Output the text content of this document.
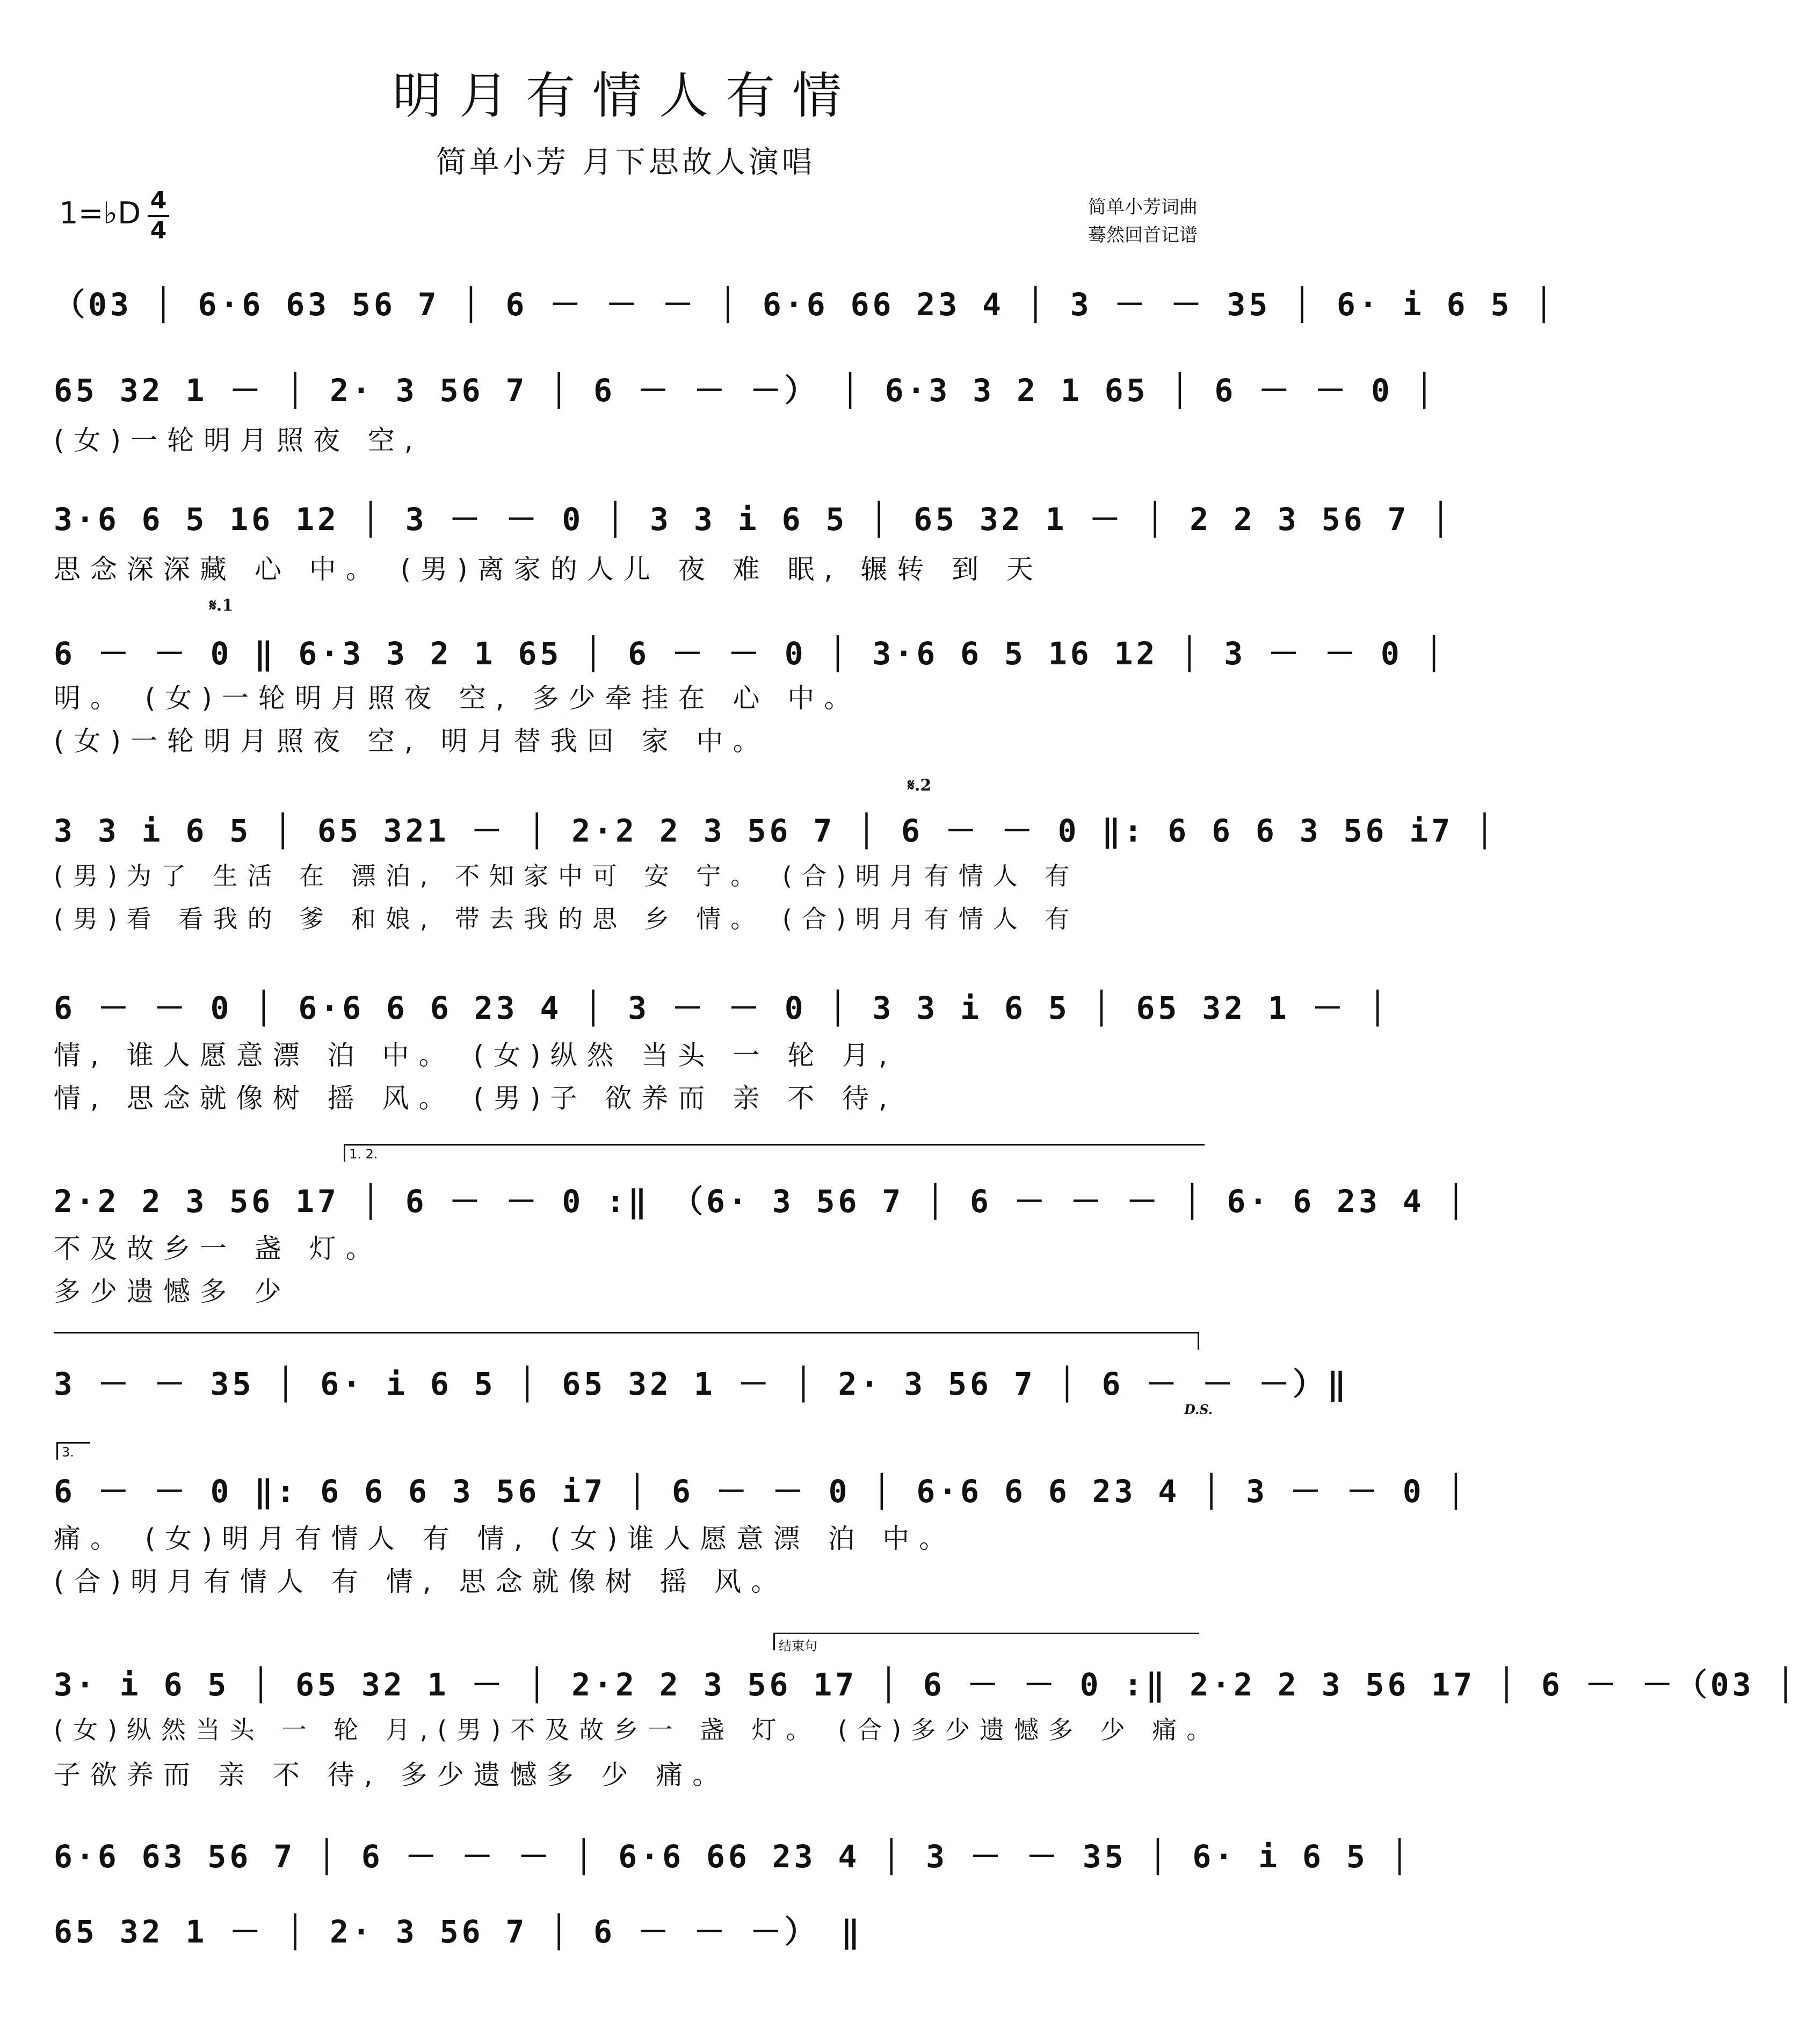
明月有情人有情
简单小芳 月下思故人演唱
1=♭D 4
4
简单小芳词曲
蓦然回首记谱
（03 │ 6·6 63 56 7 │ 6 － － － │ 6·6 66 23 4 │ 3 － － 35 │ 6· i 6 5 │
65 32 1 － │ 2· 3 56 7 │ 6 － － －） │ 6·3 3 2 1 65 │ 6 － － 0 │
(女)一轮明月照夜 空,
3·6 6 5 16 12 │ 3 － － 0 │ 3 3 i 6 5 │ 65 32 1 － │ 2 2 3 56 7 │
思念深深藏 心 中。 (男)离家的人儿 夜 难 眠, 辗转 到 天
𝄋.1
6 － － 0 ‖ 6·3 3 2 1 65 │ 6 － － 0 │ 3·6 6 5 16 12 │ 3 － － 0 │
明。 (女)一轮明月照夜 空, 多少牵挂在 心 中。
(女)一轮明月照夜 空, 明月替我回 家 中。
𝄋.2
3 3 i 6 5 │ 65 321 － │ 2·2 2 3 56 7 │ 6 － － 0 ‖: 6 6 6 3 56 i7 │
(男)为了 生活 在 漂泊, 不知家中可 安 宁。 (合)明月有情人 有
(男)看 看我的 爹 和娘, 带去我的思 乡 情。 (合)明月有情人 有
6 － － 0 │ 6·6 6 6 23 4 │ 3 － － 0 │ 3 3 i 6 5 │ 65 32 1 － │
情, 谁人愿意漂 泊 中。 (女)纵然 当头 一 轮 月,
情, 思念就像树 摇 风。 (男)子 欲养而 亲 不 待,
1. 2.
2·2 2 3 56 17 │ 6 － － 0 :‖ （6· 3 56 7 │ 6 － － － │ 6· 6 23 4 │
不及故乡一 盏 灯。
多少遗憾多 少
3 － － 35 │ 6· i 6 5 │ 65 32 1 － │ 2· 3 56 7 │ 6 － － －）‖
D.S.
3.
6 － － 0 ‖: 6 6 6 3 56 i7 │ 6 － － 0 │ 6·6 6 6 23 4 │ 3 － － 0 │
痛。 (女)明月有情人 有 情, (女)谁人愿意漂 泊 中。
(合)明月有情人 有 情, 思念就像树 摇 风。
结束句
3· i 6 5 │ 65 32 1 － │ 2·2 2 3 56 17 │ 6 － － 0 :‖ 2·2 2 3 56 17 │ 6 － －（03 │
(女)纵然当头 一 轮 月,(男)不及故乡一 盏 灯。 (合)多少遗憾多 少 痛。
子欲养而 亲 不 待, 多少遗憾多 少 痛。
6·6 63 56 7 │ 6 － － － │ 6·6 66 23 4 │ 3 － － 35 │ 6· i 6 5 │
65 32 1 － │ 2· 3 56 7 │ 6 － － －） ‖
